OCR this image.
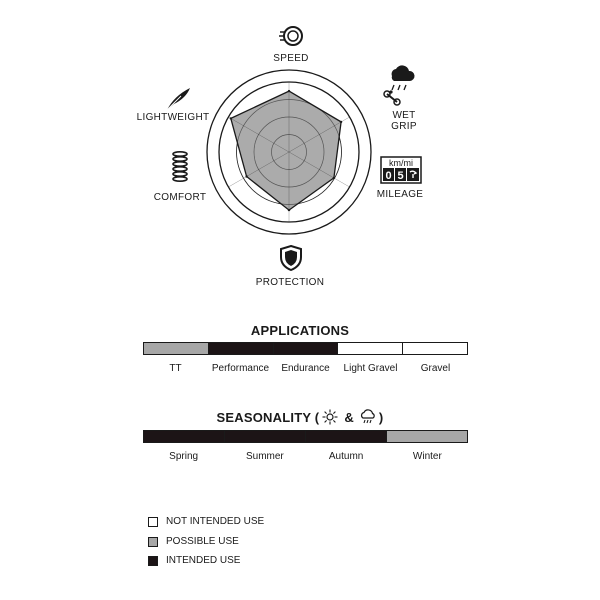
km/mi
0 5
SPEED
WET
GRIP
MILEAGE
PROTECTION
COMFORT
LIGHTWEIGHT
APPLICATIONS
TT	Performance	Endurance	Light Gravel	Gravel
SEASONALITY ( & )
Spring	Summer	Autumn	Winter
NOT INTENDED USE
POSSIBLE USE
INTENDED USE
